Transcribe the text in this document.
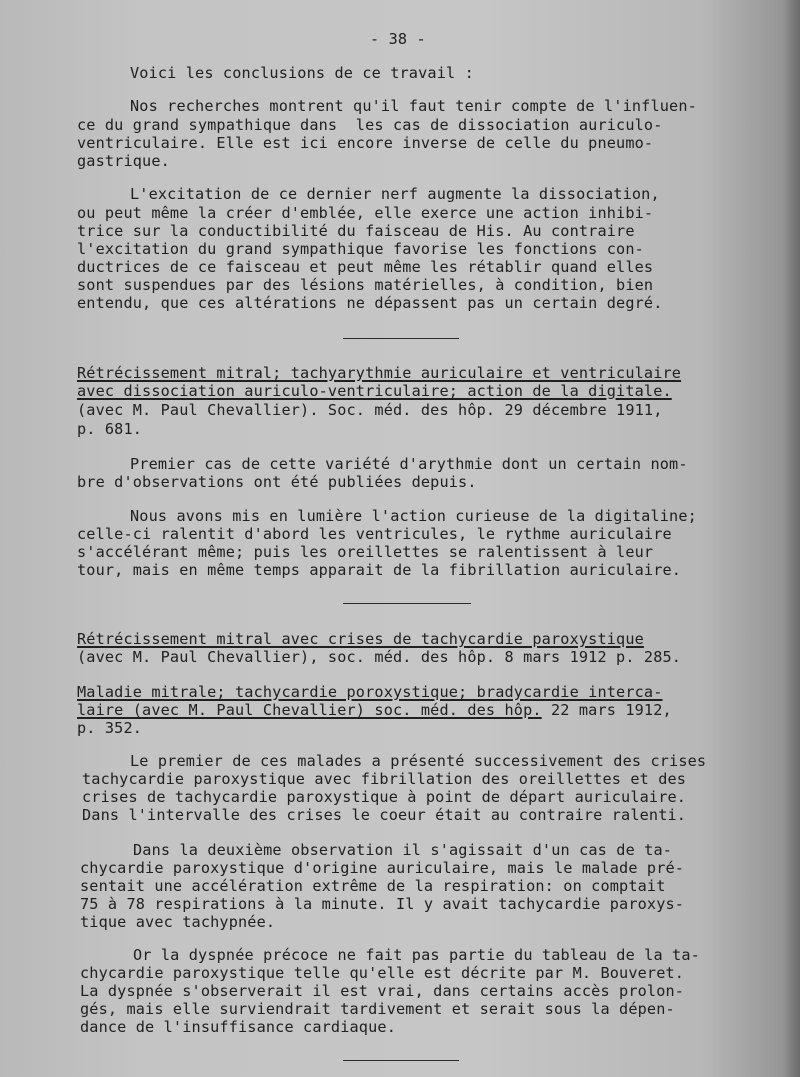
- 38 -
Voici les conclusions de ce travail :
Nos recherches montrent qu'il faut tenir compte de l'influen-
ce du grand sympathique dans  les cas de dissociation auriculo-
ventriculaire. Elle est ici encore inverse de celle du pneumo-
gastrique.
L'excitation de ce dernier nerf augmente la dissociation,
ou peut même la créer d'emblée, elle exerce une action inhibi-
trice sur la conductibilité du faisceau de His. Au contraire
l'excitation du grand sympathique favorise les fonctions con-
ductrices de ce faisceau et peut même les rétablir quand elles
sont suspendues par des lésions matérielles, à condition, bien
entendu, que ces altérations ne dépassent pas un certain degré.
Rétrécissement mitral; tachyarythmie auriculaire et ventriculaire
avec dissociation auriculo-ventriculaire; action de la digitale.
(avec M. Paul Chevallier). Soc. méd. des hôp. 29 décembre 1911,
p. 681.
Premier cas de cette variété d'arythmie dont un certain nom-
bre d'observations ont été publiées depuis.
Nous avons mis en lumière l'action curieuse de la digitaline;
celle-ci ralentit d'abord les ventricules, le rythme auriculaire
s'accélérant même; puis les oreillettes se ralentissent à leur
tour, mais en même temps apparait de la fibrillation auriculaire.
Rétrécissement mitral avec crises de tachycardie paroxystique
(avec M. Paul Chevallier), soc. méd. des hôp. 8 mars 1912 p. 285.
Maladie mitrale; tachycardie poroxystique; bradycardie interca-
laire (avec M. Paul Chevallier) soc. méd. des hôp. 22 mars 1912,
p. 352.
Le premier de ces malades a présenté successivement des crises
tachycardie paroxystique avec fibrillation des oreillettes et des
crises de tachycardie paroxystique à point de départ auriculaire.
Dans l'intervalle des crises le coeur était au contraire ralenti.
Dans la deuxième observation il s'agissait d'un cas de ta-
chycardie paroxystique d'origine auriculaire, mais le malade pré-
sentait une accélération extrême de la respiration: on comptait
75 à 78 respirations à la minute. Il y avait tachycardie paroxys-
tique avec tachypnée.
Or la dyspnée précoce ne fait pas partie du tableau de la ta-
chycardie paroxystique telle qu'elle est décrite par M. Bouveret.
La dyspnée s'observerait il est vrai, dans certains accès prolon-
gés, mais elle surviendrait tardivement et serait sous la dépen-
dance de l'insuffisance cardiaque.
